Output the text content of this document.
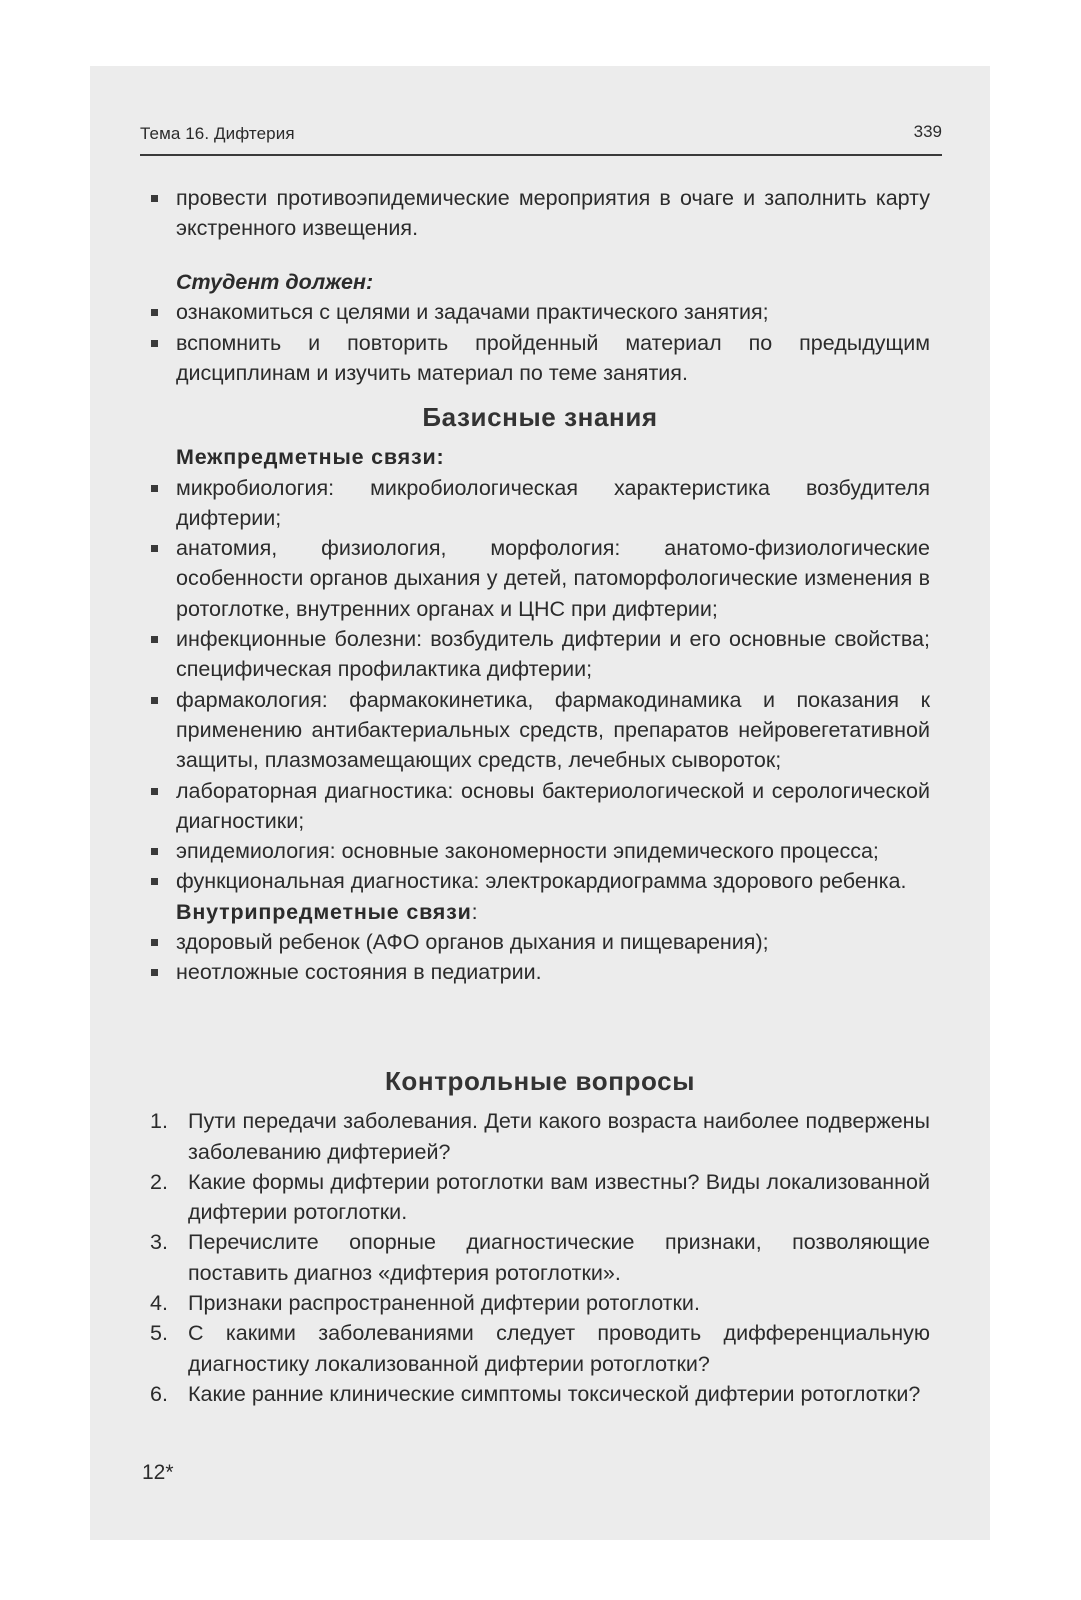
Тема 16. Дифтерия	339
провести противоэпидемические мероприятия в очаге и заполнить карту экстренного извещения.
Студент должен:
ознакомиться с целями и задачами практического занятия;
вспомнить и повторить пройденный материал по предыдущим дисциплинам и изучить материал по теме занятия.
Базисные знания
Межпредметные связи:
микробиология: микробиологическая характеристика возбудителя дифтерии;
анатомия, физиология, морфология: анатомо-физиологические особенности органов дыхания у детей, патоморфологические изменения в ротоглотке, внутренних органах и ЦНС при дифтерии;
инфекционные болезни: возбудитель дифтерии и его основные свойства; специфическая профилактика дифтерии;
фармакология: фармакокинетика, фармакодинамика и показания к применению антибактериальных средств, препаратов нейровегетативной защиты, плазмозамещающих средств, лечебных сывороток;
лабораторная диагностика: основы бактериологической и серологической диагностики;
эпидемиология: основные закономерности эпидемического процесса;
функциональная диагностика: электрокардиограмма здорового ребенка.
Внутрипредметные связи:
здоровый ребенок (АФО органов дыхания и пищеварения);
неотложные состояния в педиатрии.
Контрольные вопросы
1. Пути передачи заболевания. Дети какого возраста наиболее подвержены заболеванию дифтерией?
2. Какие формы дифтерии ротоглотки вам известны? Виды локализованной дифтерии ротоглотки.
3. Перечислите опорные диагностические признаки, позволяющие поставить диагноз «дифтерия ротоглотки».
4. Признаки распространенной дифтерии ротоглотки.
5. С какими заболеваниями следует проводить дифференциальную диагностику локализованной дифтерии ротоглотки?
6. Какие ранние клинические симптомы токсической дифтерии ротоглотки?
12*
